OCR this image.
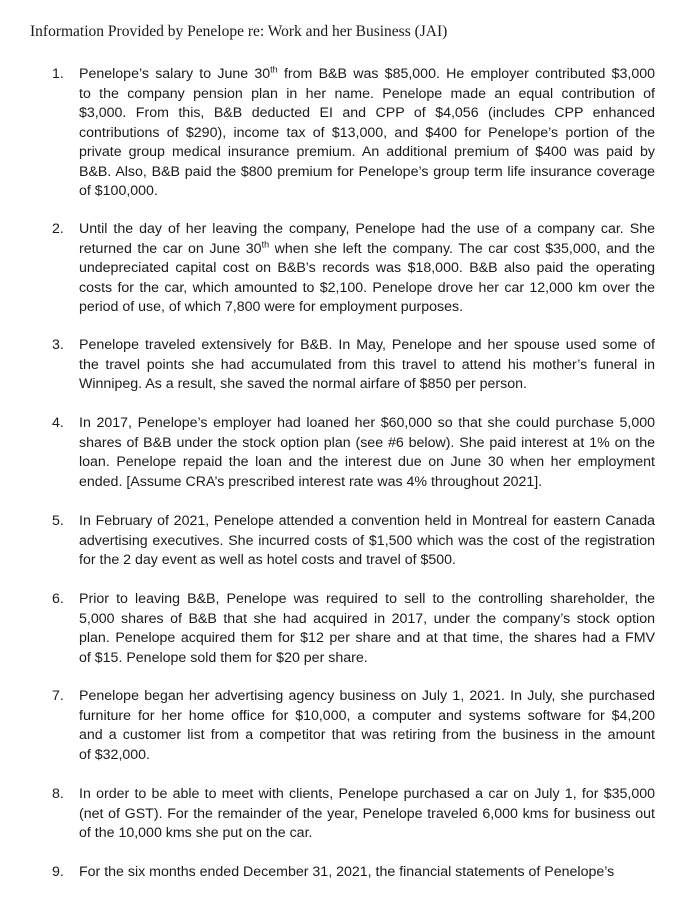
Information Provided by Penelope re: Work and her Business (JAI)
1.	Penelope’s salary to June 30th from B&B was $85,000. He employer contributed $3,000
to the company pension plan in her name. Penelope made an equal contribution of
$3,000. From this, B&B deducted EI and CPP of $4,056 (includes CPP enhanced
contributions of $290), income tax of $13,000, and $400 for Penelope’s portion of the
private group medical insurance premium. An additional premium of $400 was paid by
B&B. Also, B&B paid the $800 premium for Penelope’s group term life insurance coverage
of $100,000.
2.	Until the day of her leaving the company, Penelope had the use of a company car. She
returned the car on June 30th when she left the company. The car cost $35,000, and the
undepreciated capital cost on B&B’s records was $18,000. B&B also paid the operating
costs for the car, which amounted to $2,100. Penelope drove her car 12,000 km over the
period of use, of which 7,800 were for employment purposes.
3.	Penelope traveled extensively for B&B. In May, Penelope and her spouse used some of
the travel points she had accumulated from this travel to attend his mother’s funeral in
Winnipeg. As a result, she saved the normal airfare of $850 per person.
4.	In 2017, Penelope’s employer had loaned her $60,000 so that she could purchase 5,000
shares of B&B under the stock option plan (see #6 below). She paid interest at 1% on the
loan. Penelope repaid the loan and the interest due on June 30 when her employment
ended. [Assume CRA’s prescribed interest rate was 4% throughout 2021].
5.	In February of 2021, Penelope attended a convention held in Montreal for eastern Canada
advertising executives. She incurred costs of $1,500 which was the cost of the registration
for the 2 day event as well as hotel costs and travel of $500.
6.	Prior to leaving B&B, Penelope was required to sell to the controlling shareholder, the
5,000 shares of B&B that she had acquired in 2017, under the company’s stock option
plan. Penelope acquired them for $12 per share and at that time, the shares had a FMV
of $15. Penelope sold them for $20 per share.
7.	Penelope began her advertising agency business on July 1, 2021. In July, she purchased
furniture for her home office for $10,000, a computer and systems software for $4,200
and a customer list from a competitor that was retiring from the business in the amount
of $32,000.
8.	In order to be able to meet with clients, Penelope purchased a car on July 1, for $35,000
(net of GST). For the remainder of the year, Penelope traveled 6,000 kms for business out
of the 10,000 kms she put on the car.
9.	For the six months ended December 31, 2021, the financial statements of Penelope’s
